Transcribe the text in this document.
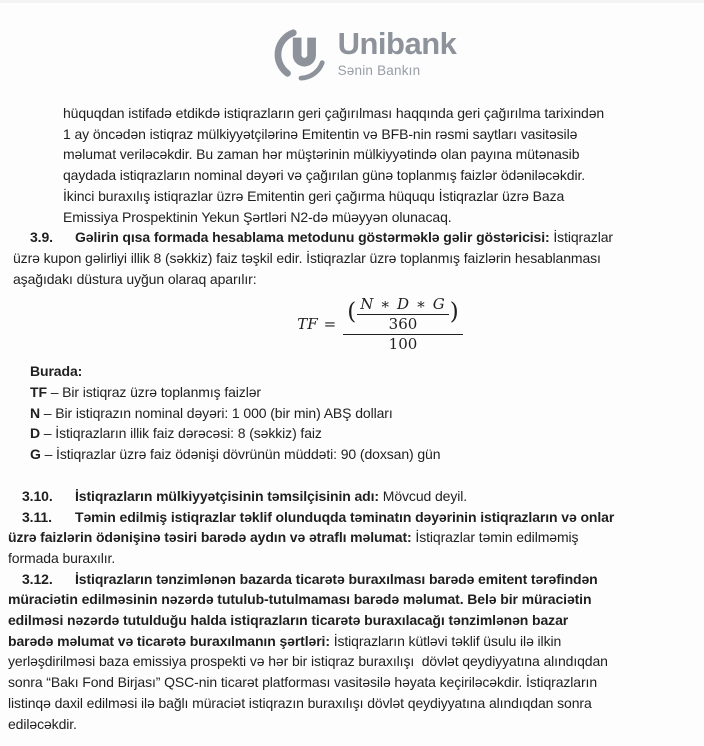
Unibank
Sənin Bankın
hüquqdan istifadə etdikdə istiqrazların geri çağırılması haqqında geri çağırılma tarixindən
1 ay öncədən istiqraz mülkiyyətçilərinə Emitentin və BFB-nin rəsmi saytları vasitəsilə
məlumat veriləcəkdir. Bu zaman hər müştərinin mülkiyyətində olan payına mütənasib
qaydada istiqrazların nominal dəyəri və çağırılan günə toplanmış faizlər ödəniləcəkdir.
İkinci buraxılış istiqrazlar üzrə Emitentin geri çağırma hüququ İstiqrazlar üzrə Baza
Emissiya Prospektinin Yekun Şərtləri N2-də müəyyən olunacaq.
3.9. Gəlirin qısa formada hesablama metodunu göstərməklə gəlir göstəricisi: İstiqrazlar
üzrə kupon gəlirliyi illik 8 (səkkiz) faiz təşkil edir. İstiqrazlar üzrə toplanmış faizlərin hesablanması
aşağıdakı düstura uyğun olaraq aparılır:
TF = ( $\frac{N ∗ D ∗ G}{360}$ )
100
Burada:
TF – Bir istiqraz üzrə toplanmış faizlər
N – Bir istiqrazın nominal dəyəri: 1 000 (bir min) ABŞ dolları
D – İstiqrazların illik faiz dərəcəsi: 8 (səkkiz) faiz
G – İstiqrazlar üzrə faiz ödənişi dövrünün müddəti: 90 (doxsan) gün
3.10. İstiqrazların mülkiyyətçisinin təmsilçisinin adı: Mövcud deyil.
3.11. Təmin edilmiş istiqrazlar təklif olunduqda təminatın dəyərinin istiqrazların və onlar
üzrə faizlərin ödənişinə təsiri barədə aydın və ətraflı məlumat: İstiqrazlar təmin edilməmiş
formada buraxılır.
3.12. İstiqrazların tənzimlənən bazarda ticarətə buraxılması barədə emitent tərəfindən
müraciətin edilməsinin nəzərdə tutulub-tutulmaması barədə məlumat. Belə bir müraciətin
edilməsi nəzərdə tutulduğu halda istiqrazların ticarətə buraxılacağı tənzimlənən bazar
barədə məlumat və ticarətə buraxılmanın şərtləri: İstiqrazların kütləvi təklif üsulu ilə ilkin
yerləşdirilməsi baza emissiya prospekti və hər bir istiqraz buraxılışı  dövlət qeydiyyatına alındıqdan
sonra “Bakı Fond Birjası” QSC-nin ticarət platforması vasitəsilə həyata keçiriləcəkdir. İstiqrazların
listinqə daxil edilməsi ilə bağlı müraciət istiqrazın buraxılışı dövlət qeydiyyatına alındıqdan sonra
ediləcəkdir.
